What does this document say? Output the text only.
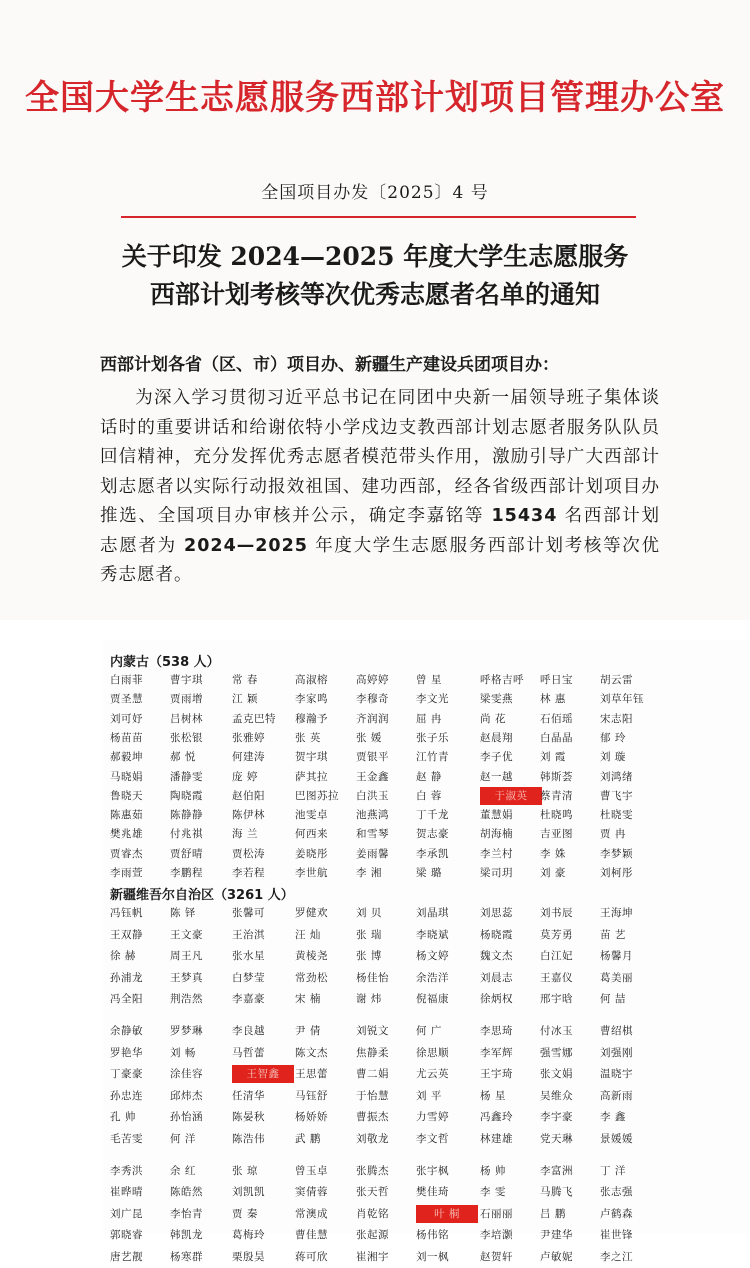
全国大学生志愿服务西部计划项目管理办公室
全国项目办发〔2025〕4 号
关于印发 2024—2025 年度大学生志愿服务
西部计划考核等次优秀志愿者名单的通知
西部计划各省（区、市）项目办、新疆生产建设兵团项目办：
为深入学习贯彻习近平总书记在同团中央新一届领导班子集体谈话时的重要讲话和给谢依特小学戍边支教西部计划志愿者服务队队员回信精神，充分发挥优秀志愿者模范带头作用，激励引导广大西部计划志愿者以实际行动报效祖国、建功西部，经各省级西部计划项目办推选、全国项目办审核并公示，确定李嘉铭等 15434 名西部计划志愿者为 2024—2025 年度大学生志愿服务西部计划考核等次优秀志愿者。
内蒙古（538 人）
白雨菲	曹宇琪	常 春	高淑榕	高婷婷	曾 星	呼格吉呼	呼日宝	胡云雷
贾圣慧	贾雨增	江 颖	李家鸣	李穆奇	李文光	梁雯燕	林 惠	刘草年钰
刘可妤	吕树林	孟克巴特	穆瀚予	齐润润	屈 冉	尚 花	石佰瑶	宋志阳
杨苗苗	张松银	张雅婷	张 英	张 媛	张子乐	赵晨翔	白晶晶	郁 玲
郝毅坤	郝 悦	何建涛	贺宇琪	贾银平	江竹青	李子优	刘 霞	刘 璇
马晓娟	潘静雯	庞 婷	萨其拉	王金鑫	赵 静	赵一越	韩斯荟	刘鸿绪
鲁晓天	陶晓霞	赵伯阳	巴图苏拉	白洪玉	白 蓉	于淑英	蔡青清	曹飞宇
陈惠茹	陈静静	陈伊林	池雯卓	池燕鸿	丁千龙	董慧娟	杜晓鸣	杜晓雯
樊兆雄	付兆祺	海 兰	何西来	和雪琴	贺志豪	胡海楠	吉亚图	贾 冉
贾睿杰	贾舒晴	贾松涛	姜晓彤	姜雨馨	李承凯	李兰村	李 姝	李梦颖
李雨萱	李鹏程	李若程	李世航	李 湘	梁 璐	梁司玥	刘 豪	刘柯彤
新疆维吾尔自治区（3261 人）
冯钰帆	陈 铎	张馨可	罗健欢	刘 贝	刘晶琪	刘思蕊	刘书辰	王海坤
王双静	王文豪	王治淇	汪 灿	张 瑞	李晓斌	杨晓霞	莫芳勇	苗 艺
徐 赫	周王凡	张水星	黄棱尧	张 博	杨文婷	魏文杰	白江妃	杨馨月
孙浦龙	王梦真	白梦莹	常劲松	杨佳怡	余浩洋	刘晨志	王嘉仪	葛美丽
冯全阳	荆浩然	李嘉豪	宋 楠	谢 炜	倪福康	徐炳权	邢宇晗	何 喆
余静敏	罗梦琳	李良越	尹 倩	刘锐文	何 广	李思琦	付冰玉	曹绍棋
罗艳华	刘 畅	马哲蕾	陈文杰	焦静柔	徐思顺	李军辉	强雪娜	刘强刚
丁豪豪	涂佳容	王智鑫	王思蕾	曹二娟	尤云英	王宇琦	张文娟	温晓宇
孙忠连	邱炜杰	任清华	马钰舒	于怡慧	刘 平	杨 星	吴维众	高新雨
孔 帅	孙怡涵	陈晏秋	杨娇娇	曹振杰	力雪婷	冯鑫玲	李宇豪	李 鑫
毛苦雯	何 洋	陈浩伟	武 鹏	刘敬龙	李文哲	林建雄	党天琳	景媛媛
李秀洪	余 红	张 琼	曾玉卓	张腾杰	张宇枫	杨 帅	李富洲	丁 洋
崔晔晴	陈皓然	刘凯凯	窦倩蓉	张天哲	樊佳琦	李 雯	马腾飞	张志强
刘广昆	李怡青	贾 秦	常澳成	肖乾铭	叶 桐	石丽丽	吕 鹏	卢鹤森
郭晓睿	韩凯龙	葛梅玲	曹佳慧	张起源	杨伟铭	李培灏	尹建华	崔世锋
唐艺靓	杨寒群	栗殷昊	蒋可欣	崔湘宇	刘一枫	赵贺轩	卢敏妮	李之江
